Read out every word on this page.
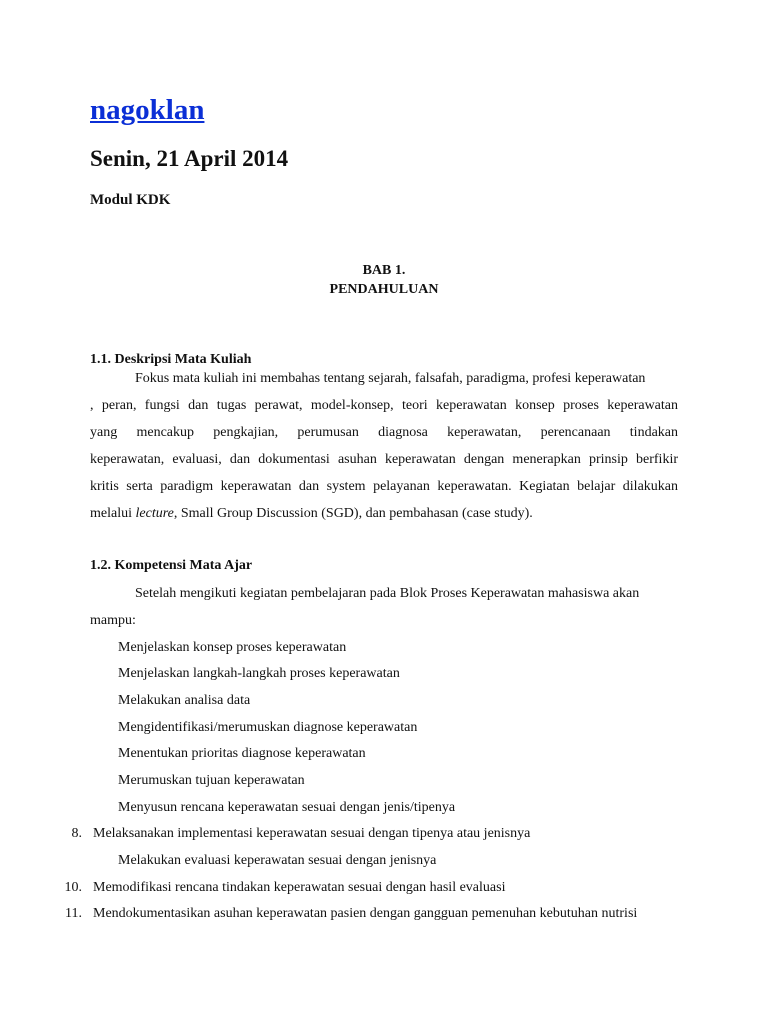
nagoklan
Senin, 21 April 2014
Modul KDK
BAB 1.
PENDAHULUAN
1.1. Deskripsi Mata Kuliah
Fokus mata kuliah ini membahas tentang sejarah, falsafah, paradigma, profesi keperawatan
, peran, fungsi dan tugas perawat, model-konsep, teori keperawatan konsep proses keperawatan
yang mencakup pengkajian, perumusan diagnosa keperawatan, perencanaan tindakan
keperawatan, evaluasi, dan dokumentasi asuhan keperawatan dengan menerapkan prinsip berfikir
kritis serta paradigm keperawatan dan system pelayanan keperawatan. Kegiatan belajar dilakukan
melalui lecture, Small Group Discussion (SGD), dan pembahasan (case study).
1.2. Kompetensi Mata Ajar
Setelah mengikuti kegiatan pembelajaran pada Blok Proses Keperawatan mahasiswa akan
mampu:
Menjelaskan konsep proses keperawatan
Menjelaskan langkah-langkah proses keperawatan
Melakukan analisa data
Mengidentifikasi/merumuskan diagnose keperawatan
Menentukan prioritas diagnose keperawatan
Merumuskan tujuan keperawatan
Menyusun rencana keperawatan sesuai dengan jenis/tipenya
8. Melaksanakan implementasi keperawatan sesuai dengan tipenya atau jenisnya
Melakukan evaluasi keperawatan sesuai dengan jenisnya
10. Memodifikasi rencana tindakan keperawatan sesuai dengan hasil evaluasi
11. Mendokumentasikan asuhan keperawatan pasien dengan gangguan pemenuhan kebutuhan nutrisi
